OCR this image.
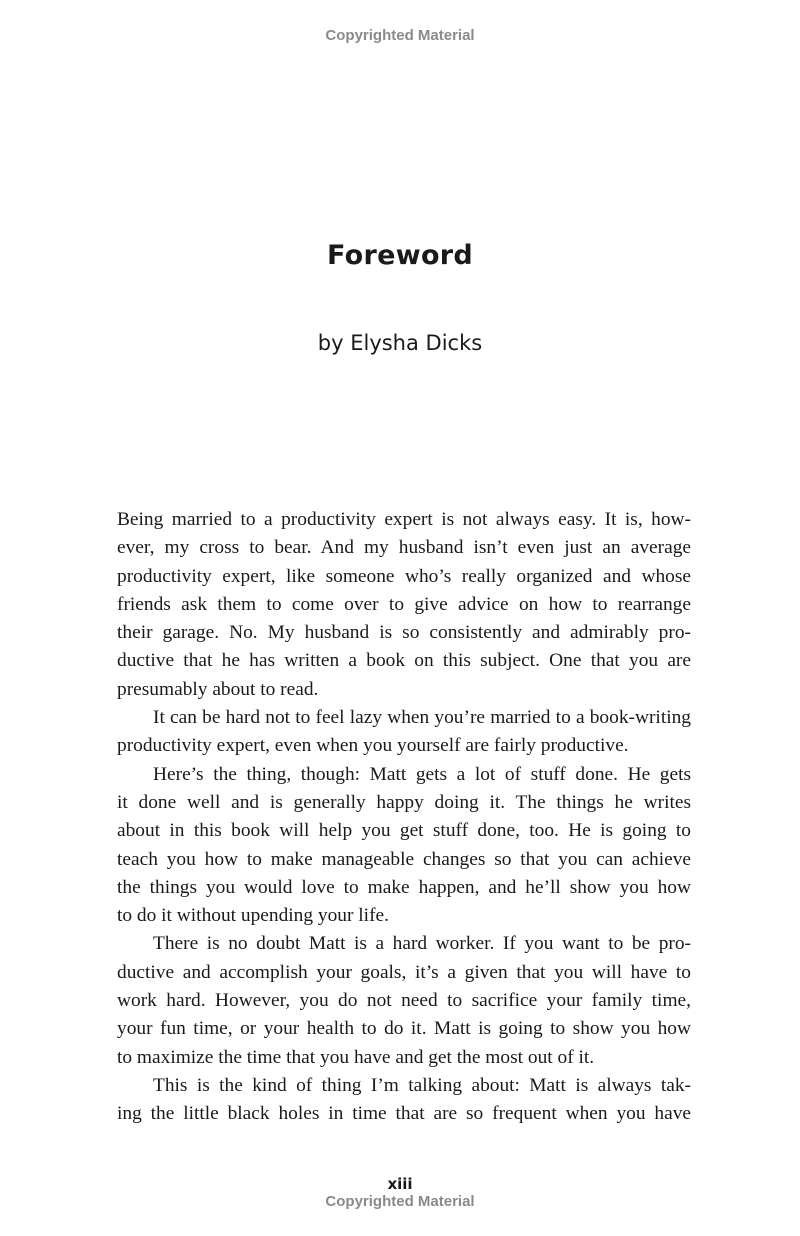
Copyrighted Material
Foreword
by Elysha Dicks
Being married to a productivity expert is not always easy. It is, how-
ever, my cross to bear. And my husband isn’t even just an average
productivity expert, like someone who’s really organized and whose
friends ask them to come over to give advice on how to rearrange
their garage. No. My husband is so consistently and admirably pro-
ductive that he has written a book on this subject. One that you are
presumably about to read.
It can be hard not to feel lazy when you’re married to a book-writing
productivity expert, even when you yourself are fairly productive.
Here’s the thing, though: Matt gets a lot of stuff done. He gets
it done well and is generally happy doing it. The things he writes
about in this book will help you get stuff done, too. He is going to
teach you how to make manageable changes so that you can achieve
the things you would love to make happen, and he’ll show you how
to do it without upending your life.
There is no doubt Matt is a hard worker. If you want to be pro-
ductive and accomplish your goals, it’s a given that you will have to
work hard. However, you do not need to sacrifice your family time,
your fun time, or your health to do it. Matt is going to show you how
to maximize the time that you have and get the most out of it.
This is the kind of thing I’m talking about: Matt is always tak-
ing the little black holes in time that are so frequent when you have
xiii
Copyrighted Material
